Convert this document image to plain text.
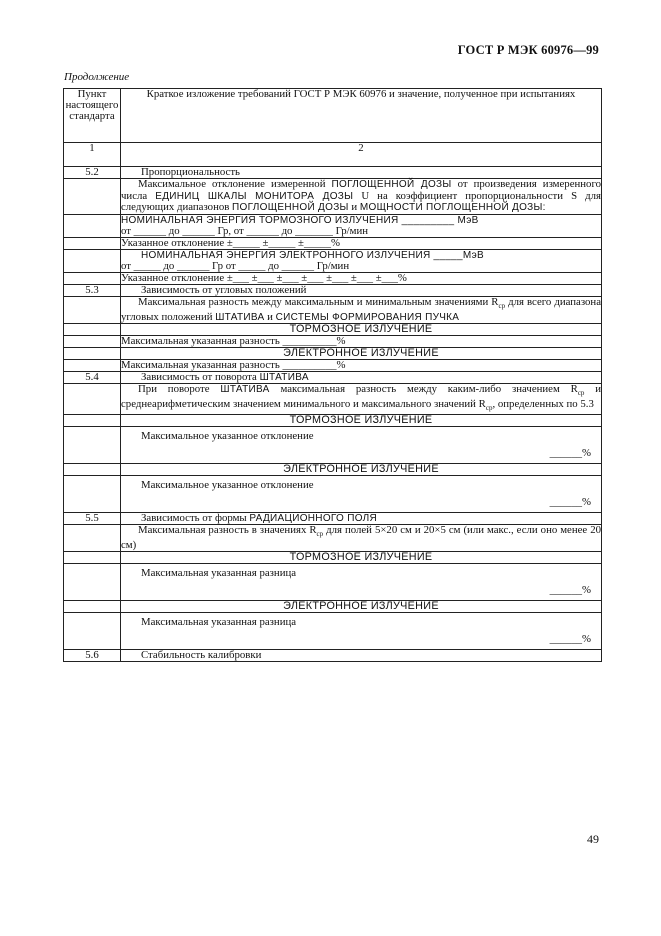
ГОСТ Р МЭК 60976—99
Продолжение
Пункт настоящего стандарта	Краткое изложение требований ГОСТ Р МЭК 60976 и значение, полученное при испытаниях
1	2
5.2	Пропорциональность
	Максимальное отклонение измеренной ПОГЛОЩЕННОЙ ДОЗЫ от произведения измеренного числа ЕДИНИЦ ШКАЛЫ МОНИТОРА ДОЗЫ U на коэффициент пропорциональности S для следующих диапазонов ПОГЛОЩЕННОЙ ДОЗЫ и МОЩНОСТИ ПОГЛОЩЕННОЙ ДОЗЫ:

	НОМИНАЛЬНАЯ ЭНЕРГИЯ ТОРМОЗНОГО ИЗЛУЧЕНИЯ _________ МэВ
от ______ до ______ Гр, от ______ до _______ Гр/мин

	Указанное отклонение ±_____ ±_____ ±_____%

	НОМИНАЛЬНАЯ ЭНЕРГИЯ ЭЛЕКТРОННОГО ИЗЛУЧЕНИЯ _____МэВ
от _____ до ______ Гр от _____ до ______ Гр/мин

	Указанное отклонение ±___ ±___ ±___ ±___ ±___ ±___ ±___%
5.3	Зависимость от угловых положений
	Максимальная разность между максимальным и минимальным значениями $R_{ср}$ для всего диапазона угловых положений ШТАТИВА и СИСТЕМЫ ФОРМИРОВАНИЯ ПУЧКА
	ТОРМОЗНОЕ ИЗЛУЧЕНИЕ
	Максимальная указанная разность __________%
	ЭЛЕКТРОННОЕ ИЗЛУЧЕНИЕ
	Максимальная указанная разность __________%
5.4	Зависимость от поворота ШТАТИВА
	При повороте ШТАТИВА максимальная разность между каким-либо значением $R_{ср}$ и среднеарифметическим значением минимального и максимального значений $R_{ср}$, определенных по 5.3
	ТОРМОЗНОЕ ИЗЛУЧЕНИЕ

	Максимальное указанное отклонение
______%

	ЭЛЕКТРОННОЕ ИЗЛУЧЕНИЕ

	Максимальное указанное отклонение
______%

5.5	Зависимость от формы РАДИАЦИОННОГО ПОЛЯ
	Максимальная разность в значениях $R_{ср}$ для полей 5×20 см и 20×5 см (или макс., если оно менее 20 см)
	ТОРМОЗНОЕ ИЗЛУЧЕНИЕ

	Максимальная указанная разница
______%

	ЭЛЕКТРОННОЕ ИЗЛУЧЕНИЕ

	Максимальная указанная разница
______%

5.6	Стабильность калибровки
49
